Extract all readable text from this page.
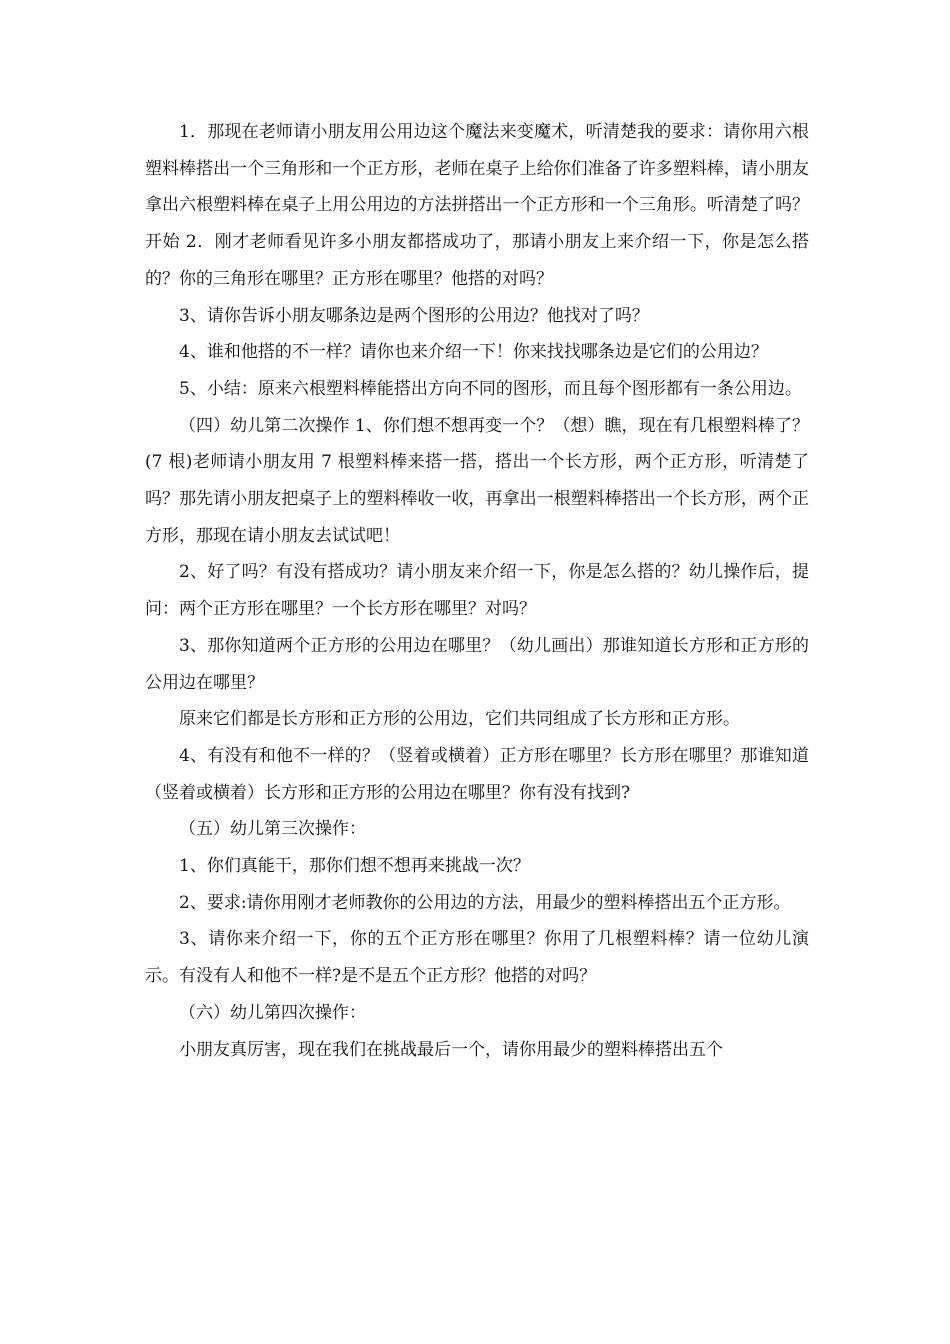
1．那现在老师请小朋友用公用边这个魔法来变魔术，听清楚我的要求：请你用六根塑料棒搭出一个三角形和一个正方形，老师在桌子上给你们准备了许多塑料棒，请小朋友拿出六根塑料棒在桌子上用公用边的方法拼搭出一个正方形和一个三角形。听清楚了吗？开始 2．刚才老师看见许多小朋友都搭成功了，那请小朋友上来介绍一下，你是怎么搭的？你的三角形在哪里？正方形在哪里？他搭的对吗？

3、请你告诉小朋友哪条边是两个图形的公用边？他找对了吗？

4、谁和他搭的不一样？请你也来介绍一下！你来找找哪条边是它们的公用边？

5、小结：原来六根塑料棒能搭出方向不同的图形，而且每个图形都有一条公用边。

（四）幼儿第二次操作 1、你们想不想再变一个？（想）瞧，现在有几根塑料棒了？(7 根)老师请小朋友用 7 根塑料棒来搭一搭，搭出一个长方形，两个正方形，听清楚了吗？那先请小朋友把桌子上的塑料棒收一收，再拿出一根塑料棒搭出一个长方形，两个正方形，那现在请小朋友去试试吧！

2、好了吗？有没有搭成功？请小朋友来介绍一下，你是怎么搭的？幼儿操作后，提问：两个正方形在哪里？一个长方形在哪里？对吗？

3、那你知道两个正方形的公用边在哪里？（幼儿画出）那谁知道长方形和正方形的公用边在哪里？

原来它们都是长方形和正方形的公用边，它们共同组成了长方形和正方形。

4、有没有和他不一样的？（竖着或横着）正方形在哪里？长方形在哪里？那谁知道（竖着或横着）长方形和正方形的公用边在哪里？你有没有找到?

（五）幼儿第三次操作：

1、你们真能干，那你们想不想再来挑战一次？

2、要求:请你用刚才老师教你的公用边的方法，用最少的塑料棒搭出五个正方形。

3、请你来介绍一下，你的五个正方形在哪里？你用了几根塑料棒？请一位幼儿演示。有没有人和他不一样?是不是五个正方形？他搭的对吗？

（六）幼儿第四次操作：

小朋友真厉害，现在我们在挑战最后一个，请你用最少的塑料棒搭出五个
